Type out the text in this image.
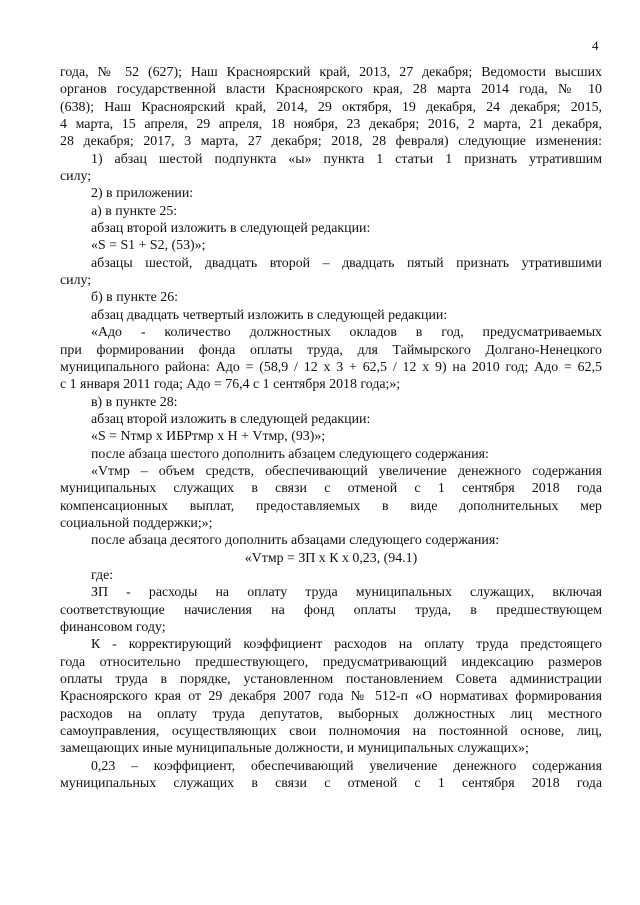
4

года, № 52 (627); Наш Красноярский край, 2013, 27 декабря; Ведомости высших

органов государственной власти Красноярского края, 28 марта 2014 года, № 10

(638); Наш Красноярский край, 2014, 29 октября, 19 декабря, 24 декабря; 2015,

4 марта, 15 апреля, 29 апреля, 18 ноября, 23 декабря; 2016, 2 марта, 21 декабря,

28 декабря; 2017, 3 марта, 27 декабря; 2018, 28 февраля) следующие изменения:

1) абзац шестой подпункта «ы» пункта 1 статьи 1 признать утратившим

силу;

2) в приложении:

а) в пункте 25:

абзац второй изложить в следующей редакции:

«S = S1 + S2, (53)»;

абзацы шестой, двадцать второй – двадцать пятый признать утратившими

силу;

б) в пункте 26:

абзац двадцать четвертый изложить в следующей редакции:

«Адо - количество должностных окладов в год, предусматриваемых

при формировании фонда оплаты труда, для Таймырского Долгано-Ненецкого

муниципального района: Адо = (58,9 / 12 х 3 + 62,5 / 12 х 9) на 2010 год; Адо = 62,5

с 1 января 2011 года; Адо = 76,4 с 1 сентября 2018 года;»;

в) в пункте 28:

абзац второй изложить в следующей редакции:

«S = Nтмр х ИБРтмр х Н + Vтмр, (93)»;

после абзаца шестого дополнить абзацем следующего содержания:

«Vтмр – объем средств, обеспечивающий увеличение денежного содержания

муниципальных служащих в связи с отменой с 1 сентября 2018 года

компенсационных выплат, предоставляемых в виде дополнительных мер

социальной поддержки;»;

после абзаца десятого дополнить абзацами следующего содержания:

«Vтмр = ЗП х К х 0,23, (94.1)

где:

ЗП - расходы на оплату труда муниципальных служащих, включая

соответствующие начисления на фонд оплаты труда, в предшествующем

финансовом году;

К - корректирующий коэффициент расходов на оплату труда предстоящего

года относительно предшествующего, предусматривающий индексацию размеров

оплаты труда в порядке, установленном постановлением Совета администрации

Красноярского края от 29 декабря 2007 года № 512-п «О нормативах формирования

расходов на оплату труда депутатов, выборных должностных лиц местного

самоуправления, осуществляющих свои полномочия на постоянной основе, лиц,

замещающих иные муниципальные должности, и муниципальных служащих»;

0,23 – коэффициент, обеспечивающий увеличение денежного содержания

муниципальных служащих в связи с отменой с 1 сентября 2018 года
